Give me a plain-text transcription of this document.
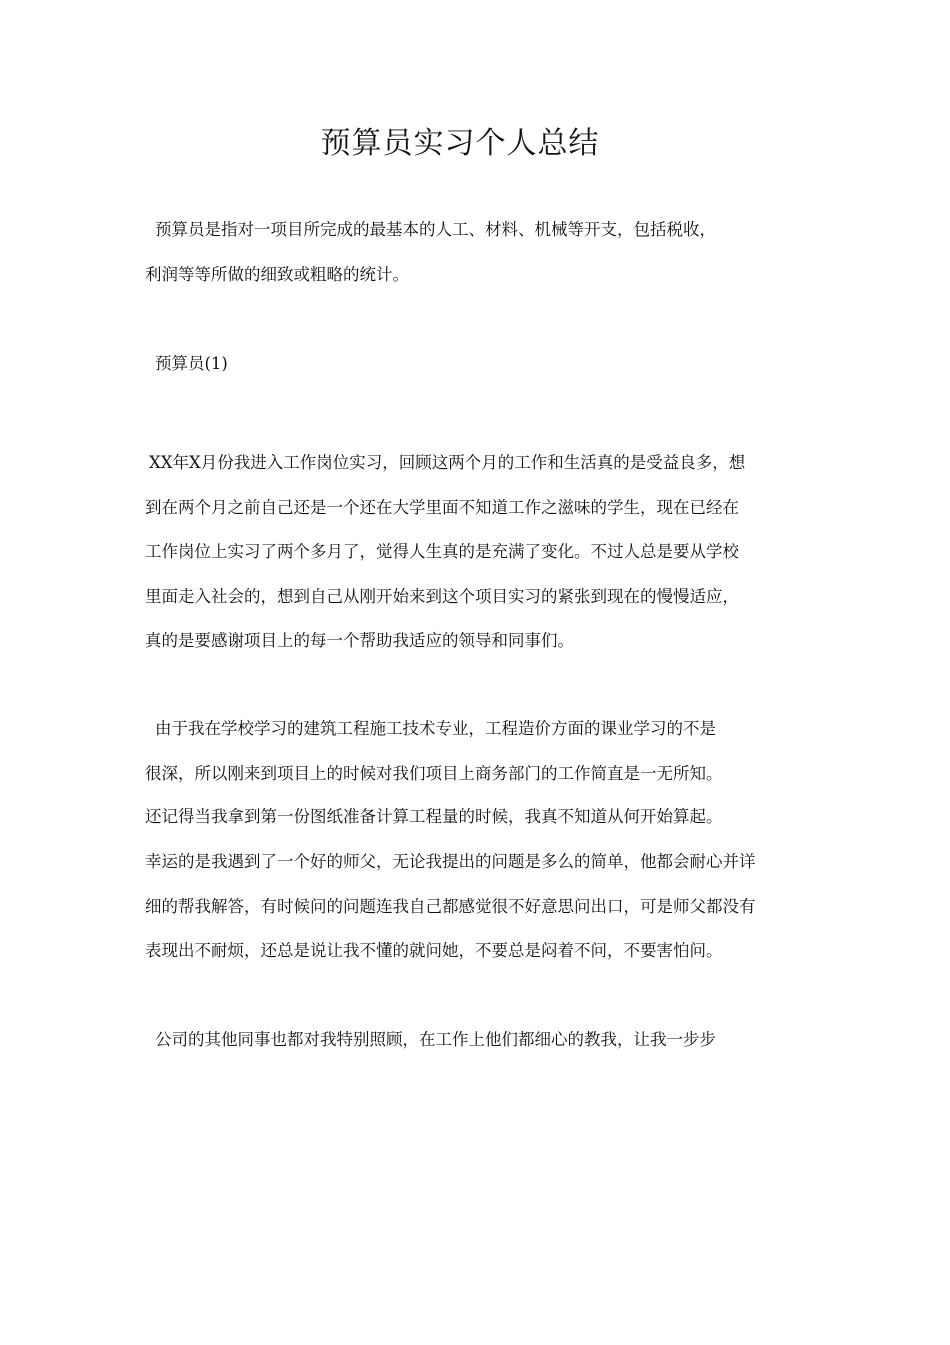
预算员实习个人总结
预算员是指对一项目所完成的最基本的人工、材料、机械等开支，包括税收，
利润等等所做的细致或粗略的统计。
预算员(1)
XX年X月份我进入工作岗位实习，回顾这两个月的工作和生活真的是受益良多，想
到在两个月之前自己还是一个还在大学里面不知道工作之滋味的学生，现在已经在
工作岗位上实习了两个多月了，觉得人生真的是充满了变化。不过人总是要从学校
里面走入社会的，想到自己从刚开始来到这个项目实习的紧张到现在的慢慢适应，
真的是要感谢项目上的每一个帮助我适应的领导和同事们。
由于我在学校学习的建筑工程施工技术专业，工程造价方面的课业学习的不是
很深，所以刚来到项目上的时候对我们项目上商务部门的工作简直是一无所知。
还记得当我拿到第一份图纸准备计算工程量的时候，我真不知道从何开始算起。
幸运的是我遇到了一个好的师父，无论我提出的问题是多么的简单，他都会耐心并详
细的帮我解答，有时候问的问题连我自己都感觉很不好意思问出口，可是师父都没有
表现出不耐烦，还总是说让我不懂的就问她，不要总是闷着不问，不要害怕问。
公司的其他同事也都对我特别照顾，在工作上他们都细心的教我，让我一步步
